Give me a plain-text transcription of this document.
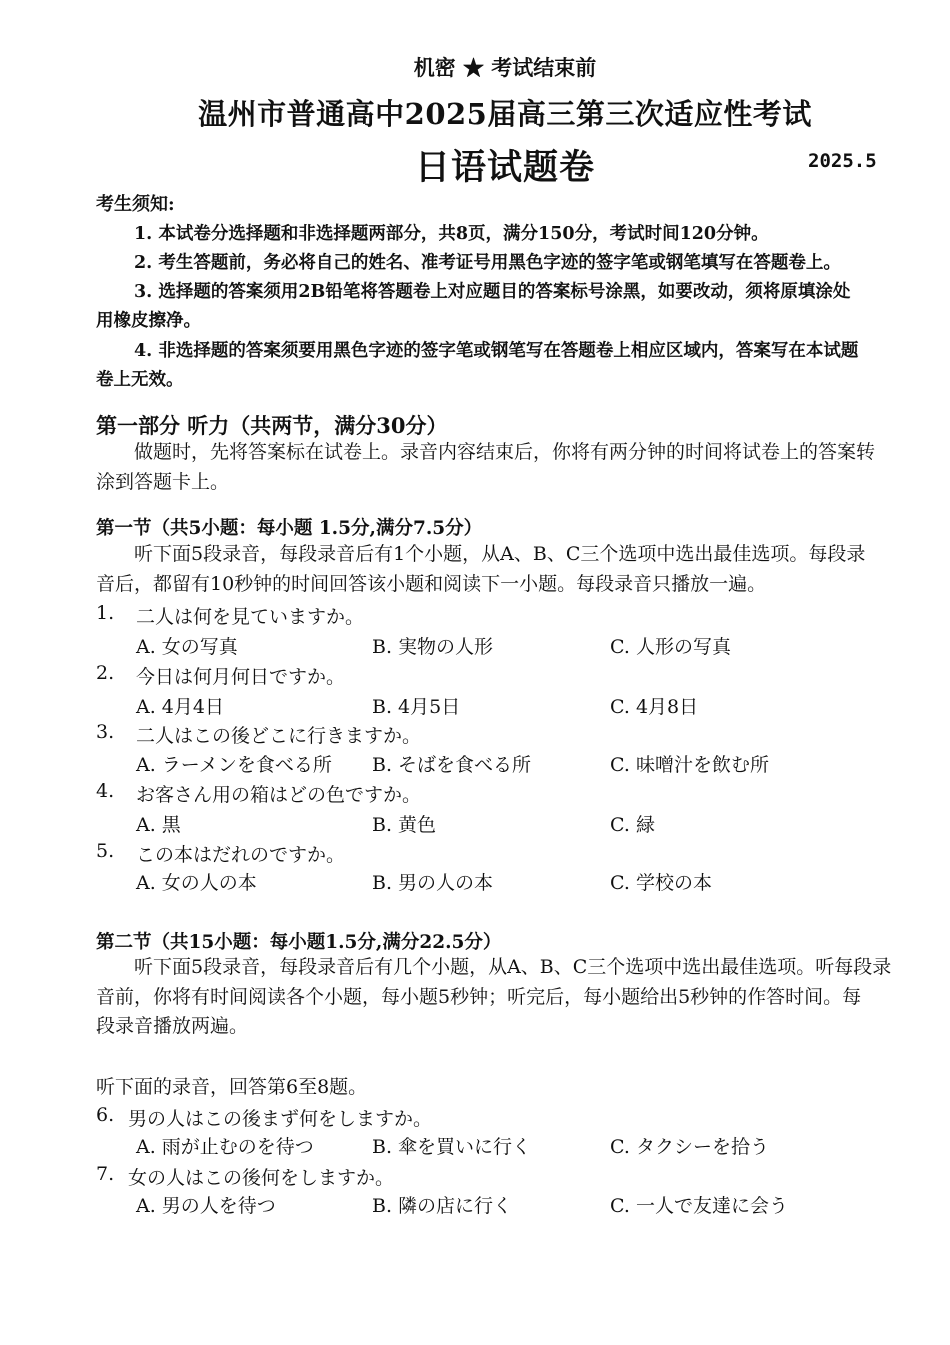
机密 ★ 考试结束前
温州市普通高中2025届高三第三次适应性考试
日语试题卷	2025.5
考生须知:
1. 本试卷分选择题和非选择题两部分，共8页，满分150分，考试时间120分钟。
2. 考生答题前，务必将自己的姓名、准考证号用黑色字迹的签字笔或钢笔填写在答题卷上。
3. 选择题的答案须用2B铅笔将答题卷上对应题目的答案标号涂黑，如要改动，须将原填涂处
用橡皮擦净。
4. 非选择题的答案须要用黑色字迹的签字笔或钢笔写在答题卷上相应区域内，答案写在本试题
卷上无效。
第一部分 听力（共两节，满分30分）
做题时，先将答案标在试卷上。录音内容结束后，你将有两分钟的时间将试卷上的答案转
涂到答题卡上。
第一节（共5小题：每小题 1.5分,满分7.5分）
听下面5段录音，每段录音后有1个小题，从A、B、C三个选项中选出最佳选项。每段录
音后，都留有10秒钟的时间回答该小题和阅读下一小题。每段录音只播放一遍。
1. 二人は何を見ていますか。
A. 女の写真	B. 実物の人形	C. 人形の写真
2. 今日は何月何日ですか。
A. 4月4日	B. 4月5日	C. 4月8日
3. 二人はこの後どこに行きますか。
A. ラーメンを食べる所 B. そばを食べる所	C. 味噌汁を飲む所
4. お客さん用の箱はどの色ですか。
A. 黒	B. 黄色	C. 緑
5. この本はだれのですか。
A. 女の人の本	B. 男の人の本	C. 学校の本
第二节（共15小题：每小题1.5分,满分22.5分）
听下面5段录音，每段录音后有几个小题，从A、B、C三个选项中选出最佳选项。听每段录
音前，你将有时间阅读各个小题，每小题5秒钟；听完后，每小题给出5秒钟的作答时间。每
段录音播放两遍。
听下面的录音，回答第6至8题。
6. 男の人はこの後まず何をしますか。
A. 雨が止むのを待つ	B. 傘を買いに行く	C. タクシーを拾う
7. 女の人はこの後何をしますか。
A. 男の人を待つ	B. 隣の店に行く	C. 一人で友達に会う
